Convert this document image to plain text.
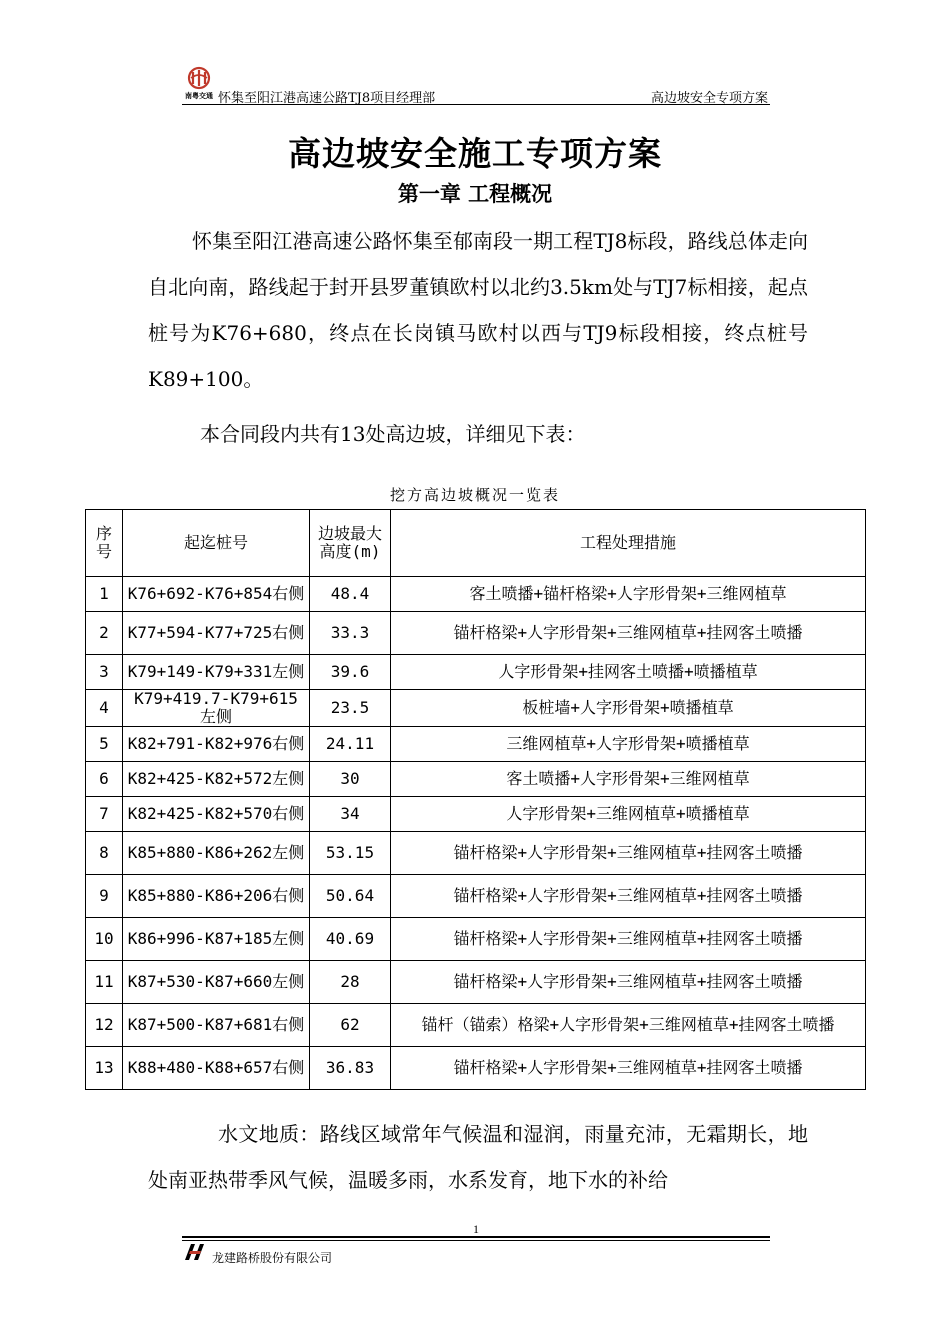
南粤交通 怀集至阳江港高速公路TJ8项目经理部	高边坡安全专项方案
高边坡安全施工专项方案
第一章 工程概况
怀集至阳江港高速公路怀集至郁南段一期工程TJ8标段，路线总体走向自北向南，路线起于封开县罗董镇欧村以北约3.5km处与TJ7标相接，起点桩号为K76+680，终点在长岗镇马欧村以西与TJ9标段相接，终点桩号K89+100。
本合同段内共有13处高边坡，详细见下表：
挖方高边坡概况一览表
序号	起迄桩号	边坡最大高度(m)	工程处理措施
1	K76+692-K76+854右侧	48.4	客土喷播+锚杆格梁+人字形骨架+三维网植草
2	K77+594-K77+725右侧	33.3	锚杆格梁+人字形骨架+三维网植草+挂网客土喷播
3	K79+149-K79+331左侧	39.6	人字形骨架+挂网客土喷播+喷播植草
4	K79+419.7-K79+615左侧	23.5	板桩墙+人字形骨架+喷播植草
5	K82+791-K82+976右侧	24.11	三维网植草+人字形骨架+喷播植草
6	K82+425-K82+572左侧	30	客土喷播+人字形骨架+三维网植草
7	K82+425-K82+570右侧	34	人字形骨架+三维网植草+喷播植草
8	K85+880-K86+262左侧	53.15	锚杆格梁+人字形骨架+三维网植草+挂网客土喷播
9	K85+880-K86+206右侧	50.64	锚杆格梁+人字形骨架+三维网植草+挂网客土喷播
10	K86+996-K87+185左侧	40.69	锚杆格梁+人字形骨架+三维网植草+挂网客土喷播
11	K87+530-K87+660左侧	28	锚杆格梁+人字形骨架+三维网植草+挂网客土喷播
12	K87+500-K87+681右侧	62	锚杆（锚索）格梁+人字形骨架+三维网植草+挂网客土喷播
13	K88+480-K88+657右侧	36.83	锚杆格梁+人字形骨架+三维网植草+挂网客土喷播
水文地质：路线区域常年气候温和湿润，雨量充沛，无霜期长，地处南亚热带季风气候，温暖多雨，水系发育，地下水的补给
1
龙建路桥股份有限公司
